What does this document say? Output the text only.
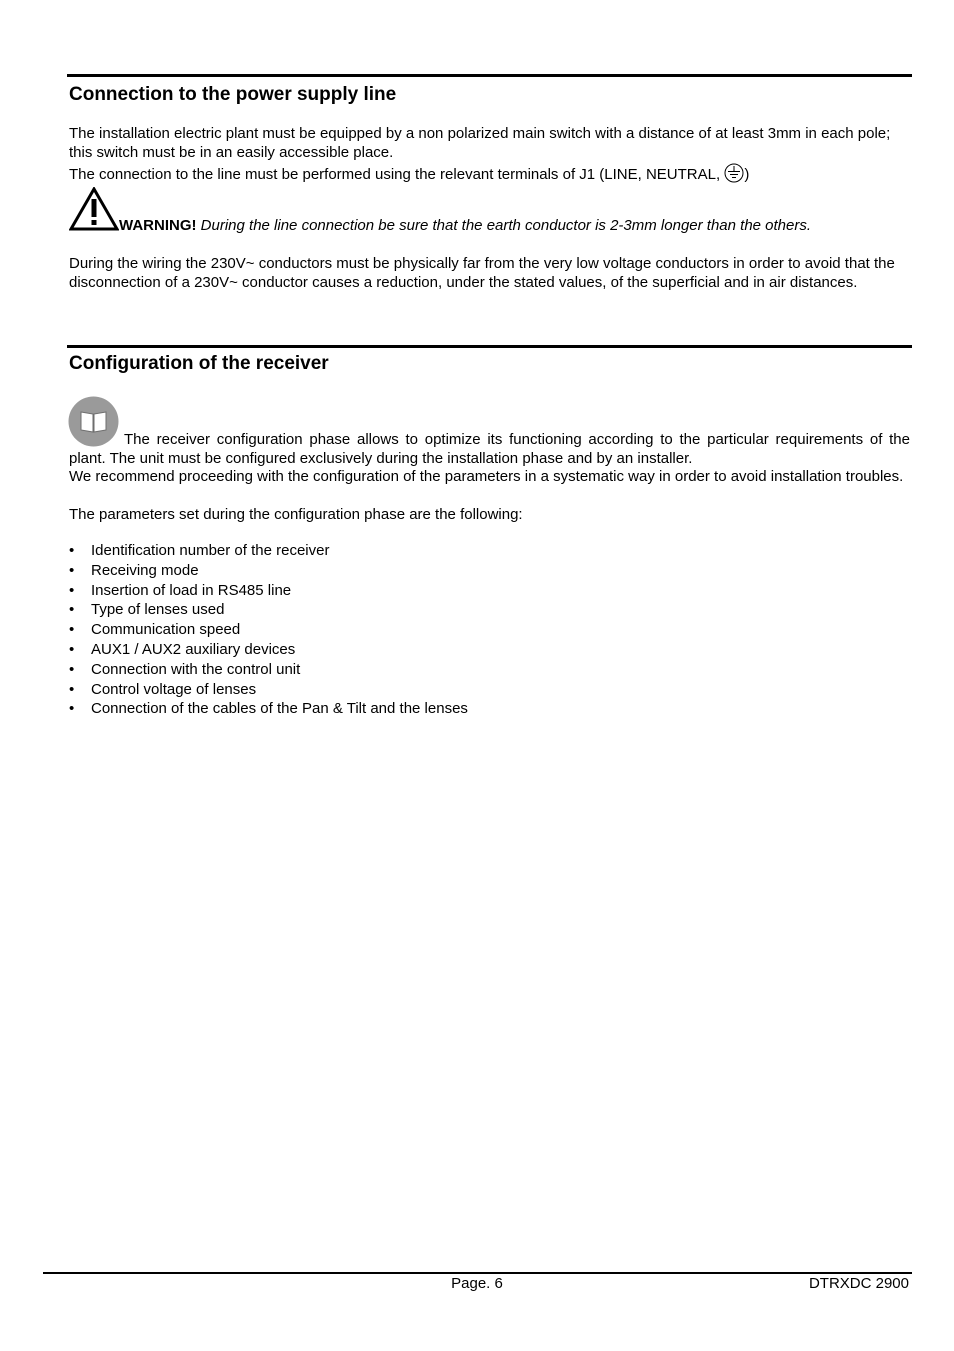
Connection to the power supply line

The installation electric plant must be equipped by a non polarized main switch with a distance of at least 3mm in each pole; this switch must be in an easily accessible place.

The connection to the line must be performed using the relevant terminals of J1 (LINE, NEUTRAL, )

WARNING! During the line connection be sure that the earth conductor is 2-3mm longer than the others.

During the wiring the 230V~ conductors must be physically far from the very low voltage conductors in order to avoid that the disconnection of a 230V~ conductor causes a reduction, under the stated values, of the superficial and in air distances.

Configuration of the receiver

The receiver configuration phase allows to optimize its functioning according to the particular requirements of the plant. The unit must be configured exclusively during the installation phase and by an installer.

We recommend proceeding with the configuration of the parameters in a systematic way in order to avoid installation troubles.

The parameters set during the configuration phase are the following:

• Identification number of the receiver
• Receiving mode
• Insertion of load in RS485 line
• Type of lenses used
• Communication speed
• AUX1 / AUX2 auxiliary devices
• Connection with the control unit
• Control voltage of lenses
• Connection of the cables of the Pan & Tilt and the lenses
Page. 6	DTRXDC 2900
